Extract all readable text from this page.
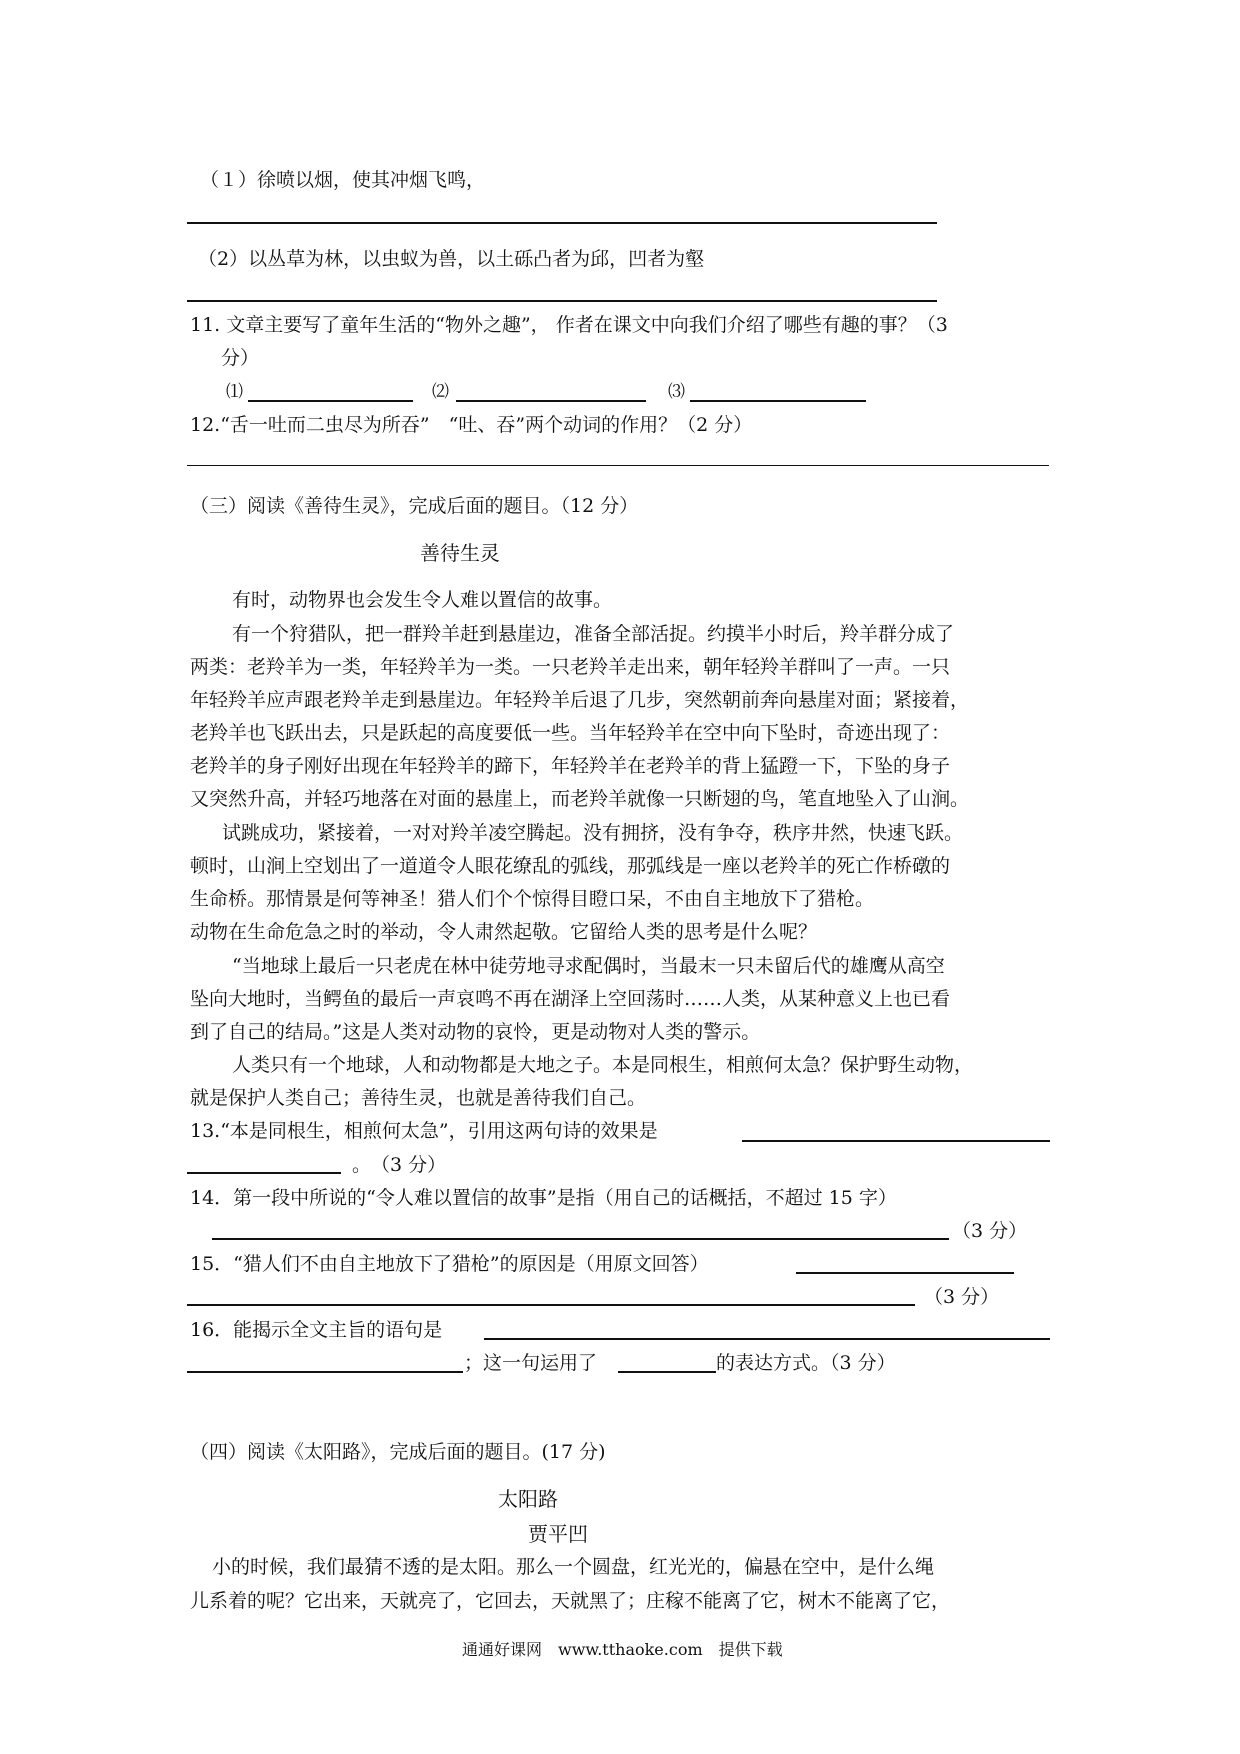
（１）徐喷以烟，使其冲烟飞鸣，
（2）以丛草为林，以虫蚁为兽，以土砾凸者为邱，凹者为壑
11. 文章主要写了童年生活的“物外之趣”， 作者在课文中向我们介绍了哪些有趣的事？（3
分）
⑴	⑵	⑶
12.“舌一吐而二虫尽为所吞”　“吐、吞”两个动词的作用？（2 分）
（三）阅读《善待生灵》，完成后面的题目。（12 分）
善待生灵
有时，动物界也会发生令人难以置信的故事。
有一个狩猎队，把一群羚羊赶到悬崖边，准备全部活捉。约摸半小时后，羚羊群分成了
两类：老羚羊为一类，年轻羚羊为一类。一只老羚羊走出来，朝年轻羚羊群叫了一声。一只
年轻羚羊应声跟老羚羊走到悬崖边。年轻羚羊后退了几步，突然朝前奔向悬崖对面；紧接着，
老羚羊也飞跃出去，只是跃起的高度要低一些。当年轻羚羊在空中向下坠时，奇迹出现了：
老羚羊的身子刚好出现在年轻羚羊的蹄下，年轻羚羊在老羚羊的背上猛蹬一下，下坠的身子
又突然升高，并轻巧地落在对面的悬崖上，而老羚羊就像一只断翅的鸟，笔直地坠入了山涧。
试跳成功，紧接着，一对对羚羊凌空腾起。没有拥挤，没有争夺，秩序井然，快速飞跃。
顿时，山涧上空划出了一道道令人眼花缭乱的弧线，那弧线是一座以老羚羊的死亡作桥礅的
生命桥。那情景是何等神圣！猎人们个个惊得目瞪口呆，不由自主地放下了猎枪。
动物在生命危急之时的举动，令人肃然起敬。它留给人类的思考是什么呢？
“当地球上最后一只老虎在林中徒劳地寻求配偶时，当最末一只未留后代的雄鹰从高空
坠向大地时，当鳄鱼的最后一声哀鸣不再在湖泽上空回荡时……人类，从某种意义上也已看
到了自己的结局。”这是人类对动物的哀怜，更是动物对人类的警示。
人类只有一个地球，人和动物都是大地之子。本是同根生，相煎何太急？保护野生动物，
就是保护人类自己；善待生灵，也就是善待我们自己。
13.“本是同根生，相煎何太急”，引用这两句诗的效果是
。　（3 分）
14．第一段中所说的“令人难以置信的故事”是指（用自己的话概括，不超过 15 字）
（3 分）
15．“猎人们不由自主地放下了猎枪”的原因是（用原文回答）
（3 分）
16．能揭示全文主旨的语句是
；这一句运用了	的表达方式。（3 分）
（四）阅读《太阳路》，完成后面的题目。(17 分)
太阳路
贾平凹
小的时候，我们最猜不透的是太阳。那么一个圆盘，红光光的，偏悬在空中，是什么绳
儿系着的呢？它出来，天就亮了，它回去，天就黑了；庄稼不能离了它，树木不能离了它，
通通好课网　www.tthaoke.com　提供下载
